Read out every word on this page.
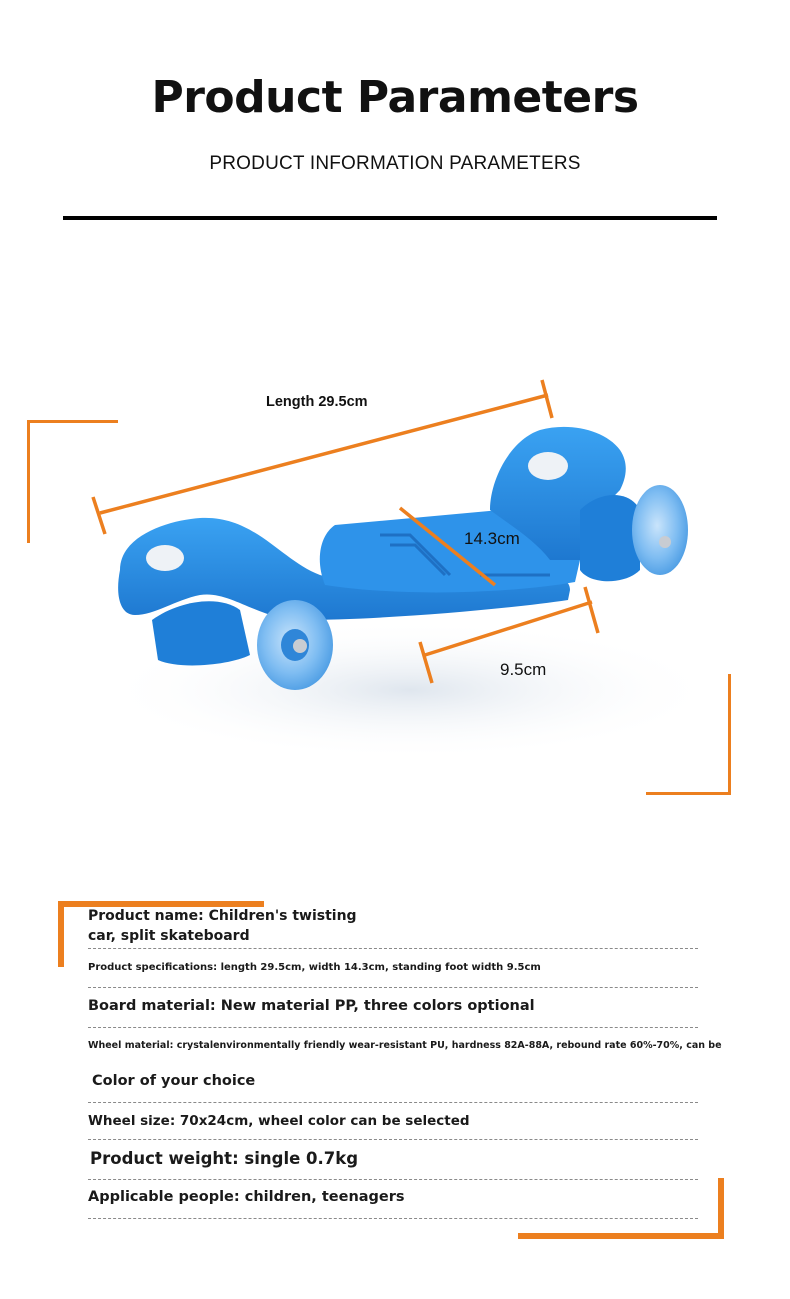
Product Parameters
PRODUCT INFORMATION PARAMETERS
Length 29.5cm
14.3cm
9.5cm
Product name: Children's twisting car, split skateboard
Product specifications: length 29.5cm, width 14.3cm, standing foot width 9.5cm
Board material: New material PP, three colors optional
Wheel material: crystalenvironmentally friendly wear-resistant PU, hardness 82A-88A, rebound rate 60%-70%, can be
Color of your choice
Wheel size: 70x24cm, wheel color can be selected
Product weight: single 0.7kg
Applicable people: children, teenagers
